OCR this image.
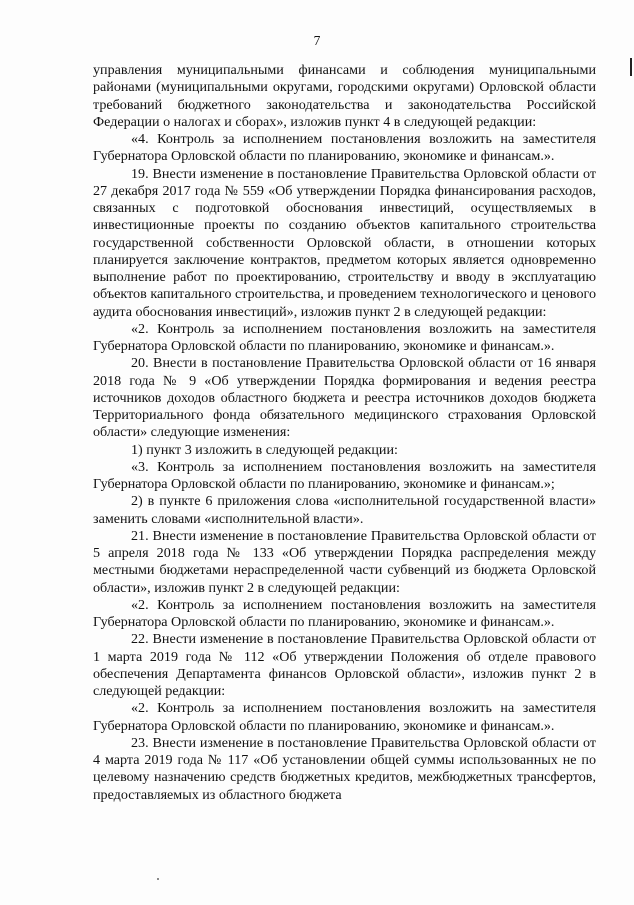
7

управления муниципальными финансами и соблюдения муниципальными районами (муниципальными округами, городскими округами) Орловской области требований бюджетного законодательства и законодательства Российской Федерации о налогах и сборах», изложив пункт 4 в следующей редакции:

«4. Контроль за исполнением постановления возложить на заместителя Губернатора Орловской области по планированию, экономике и финансам.».

19. Внести изменение в постановление Правительства Орловской области от 27 декабря 2017 года № 559 «Об утверждении Порядка финансирования расходов, связанных с подготовкой обоснования инвестиций, осуществляемых в инвестиционные проекты по созданию объектов капитального строительства государственной собственности Орловской области, в отношении которых планируется заключение контрактов, предметом которых является одновременно выполнение работ по проектированию, строительству и вводу в эксплуатацию объектов капитального строительства, и проведением технологического и ценового аудита обоснования инвестиций», изложив пункт 2 в следующей редакции:

«2. Контроль за исполнением постановления возложить на заместителя Губернатора Орловской области по планированию, экономике и финансам.».

20. Внести в постановление Правительства Орловской области от 16 января 2018 года № 9 «Об утверждении Порядка формирования и ведения реестра источников доходов областного бюджета и реестра источников доходов бюджета Территориального фонда обязательного медицинского страхования Орловской области» следующие изменения:

1) пункт 3 изложить в следующей редакции:

«3. Контроль за исполнением постановления возложить на заместителя Губернатора Орловской области по планированию, экономике и финансам.»;

2) в пункте 6 приложения слова «исполнительной государственной власти» заменить словами «исполнительной власти».

21. Внести изменение в постановление Правительства Орловской области от 5 апреля 2018 года № 133 «Об утверждении Порядка распределения между местными бюджетами нераспределенной части субвенций из бюджета Орловской области», изложив пункт 2 в следующей редакции:

«2. Контроль за исполнением постановления возложить на заместителя Губернатора Орловской области по планированию, экономике и финансам.».

22. Внести изменение в постановление Правительства Орловской области от 1 марта 2019 года № 112 «Об утверждении Положения об отделе правового обеспечения Департамента финансов Орловской области», изложив пункт 2 в следующей редакции:

«2. Контроль за исполнением постановления возложить на заместителя Губернатора Орловской области по планированию, экономике и финансам.».

23. Внести изменение в постановление Правительства Орловской области от 4 марта 2019 года № 117 «Об установлении общей суммы использованных не по целевому назначению средств бюджетных кредитов, межбюджетных трансфертов, предоставляемых из областного бюджета
